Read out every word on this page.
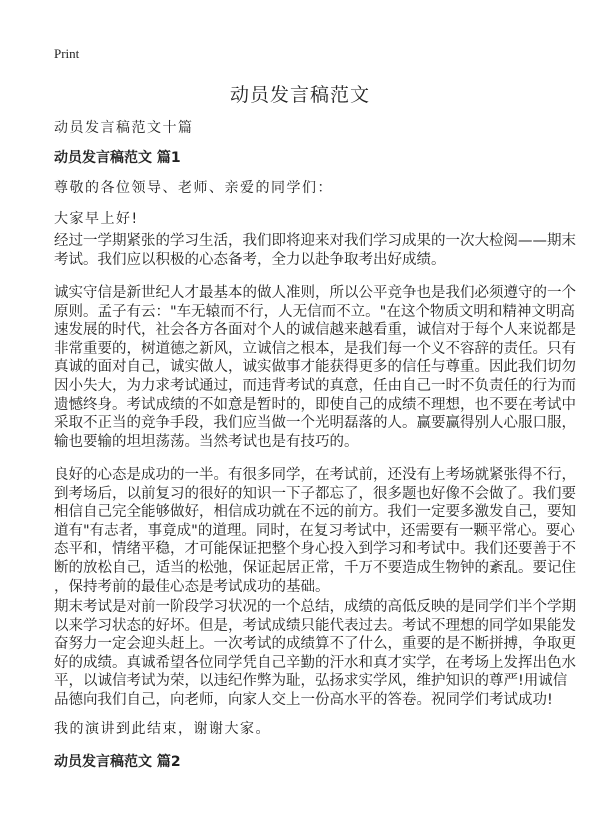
Print
动员发言稿范文
动员发言稿范文十篇
动员发言稿范文 篇1
尊敬的各位领导、老师、亲爱的同学们：
大家早上好!
经过一学期紧张的学习生活，我们即将迎来对我们学习成果的一次大检阅——期末
考试。我们应以积极的心态备考，全力以赴争取考出好成绩。
诚实守信是新世纪人才最基本的做人准则，所以公平竞争也是我们必须遵守的一个
原则。孟子有云："车无辕而不行，人无信而不立。"在这个物质文明和精神文明高
速发展的时代，社会各方各面对个人的诚信越来越看重，诚信对于每个人来说都是
非常重要的，树道德之新风，立诚信之根本，是我们每一个义不容辞的责任。只有
真诚的面对自己，诚实做人，诚实做事才能获得更多的信任与尊重。因此我们切勿
因小失大，为力求考试通过，而违背考试的真意，任由自己一时不负责任的行为而
遗憾终身。考试成绩的不如意是暂时的，即使自己的成绩不理想，也不要在考试中
采取不正当的竞争手段，我们应当做一个光明磊落的人。赢要赢得别人心服口服，
输也要输的坦坦荡荡。当然考试也是有技巧的。
良好的心态是成功的一半。有很多同学，在考试前，还没有上考场就紧张得不行，
到考场后，以前复习的很好的知识一下子都忘了，很多题也好像不会做了。我们要
相信自己完全能够做好，相信成功就在不远的前方。我们一定要多激发自己，要知
道有"有志者，事竟成"的道理。同时，在复习考试中，还需要有一颗平常心。要心
态平和，情绪平稳，才可能保证把整个身心投入到学习和考试中。我们还要善于不
断的放松自己，适当的松弛，保证起居正常，千万不要造成生物钟的紊乱。要记住
，保持考前的最佳心态是考试成功的基础。
期末考试是对前一阶段学习状况的一个总结，成绩的高低反映的是同学们半个学期
以来学习状态的好坏。但是，考试成绩只能代表过去。考试不理想的同学如果能发
奋努力一定会迎头赶上。一次考试的成绩算不了什么，重要的是不断拼搏，争取更
好的成绩。真诚希望各位同学凭自己辛勤的汗水和真才实学，在考场上发挥出色水
平，以诚信考试为荣，以违纪作弊为耻，弘扬求实学风，维护知识的尊严!用诚信
品德向我们自己，向老师，向家人交上一份高水平的答卷。祝同学们考试成功!
我的演讲到此结束，谢谢大家。
动员发言稿范文 篇2
